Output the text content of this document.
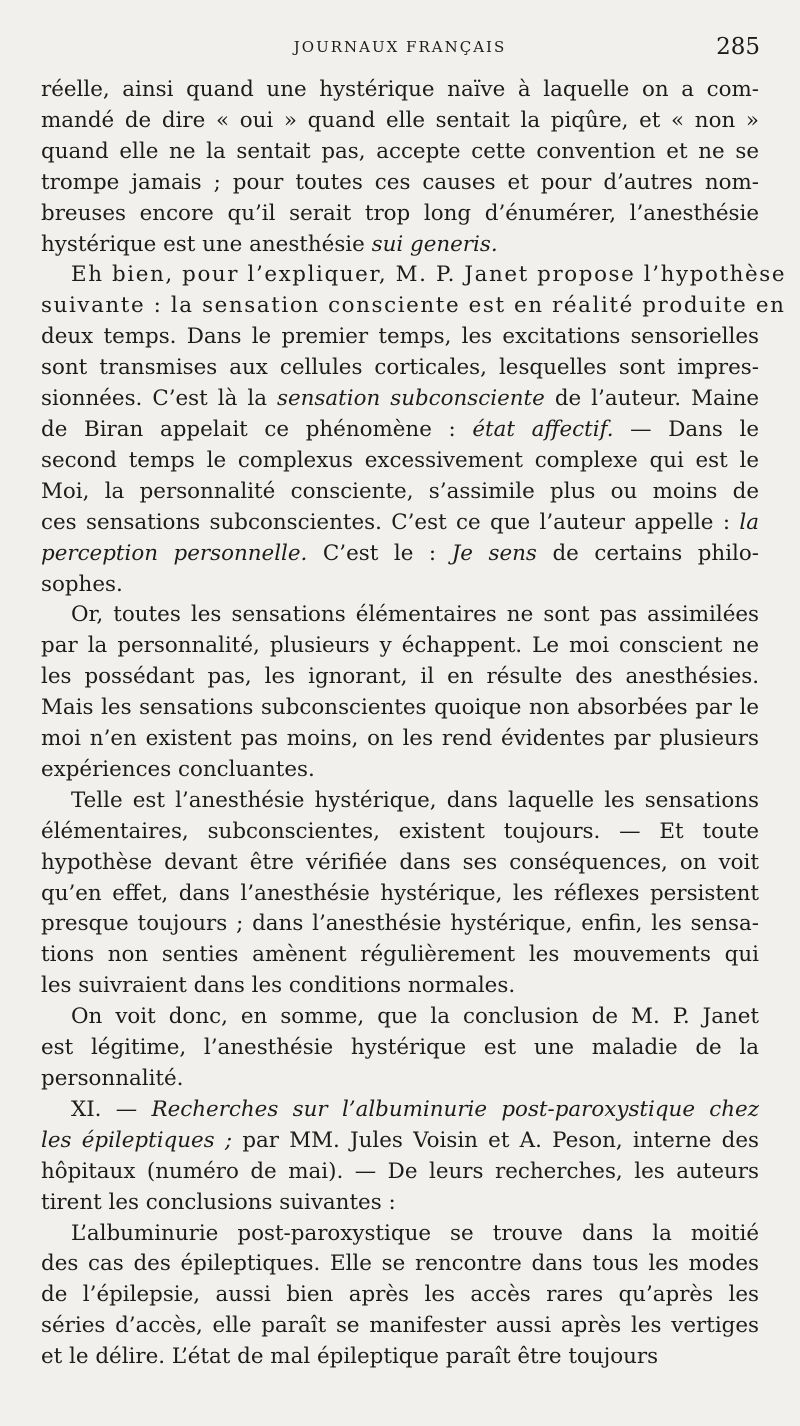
JOURNAUX FRANÇAIS	285
réelle, ainsi quand une hystérique naïve à laquelle on a com-
mandé de dire « oui » quand elle sentait la piqûre, et « non »
quand elle ne la sentait pas, accepte cette convention et ne se
trompe jamais ; pour toutes ces causes et pour d’autres nom-
breuses encore qu’il serait trop long d’énumérer, l’anesthésie
hystérique est une anesthésie sui generis.
Eh bien, pour l’expliquer, M. P. Janet propose l’hypothèse
suivante : la sensation consciente est en réalité produite en
deux temps. Dans le premier temps, les excitations sensorielles
sont transmises aux cellules corticales, lesquelles sont impres-
sionnées. C’est là la sensation subconsciente de l’auteur. Maine
de Biran appelait ce phénomène : état affectif. — Dans le
second temps le complexus excessivement complexe qui est le
Moi, la personnalité consciente, s’assimile plus ou moins de
ces sensations subconscientes. C’est ce que l’auteur appelle : la
perception personnelle. C’est le : Je sens de certains philo-
sophes.
Or, toutes les sensations élémentaires ne sont pas assimilées
par la personnalité, plusieurs y échappent. Le moi conscient ne
les possédant pas, les ignorant, il en résulte des anesthésies.
Mais les sensations subconscientes quoique non absorbées par le
moi n’en existent pas moins, on les rend évidentes par plusieurs
expériences concluantes.
Telle est l’anesthésie hystérique, dans laquelle les sensations
élémentaires, subconscientes, existent toujours. — Et toute
hypothèse devant être vérifiée dans ses conséquences, on voit
qu’en effet, dans l’anesthésie hystérique, les réflexes persistent
presque toujours ; dans l’anesthésie hystérique, enfin, les sensa-
tions non senties amènent régulièrement les mouvements qui
les suivraient dans les conditions normales.
On voit donc, en somme, que la conclusion de M. P. Janet
est légitime, l’anesthésie hystérique est une maladie de la
personnalité.
XI. — Recherches sur l’albuminurie post-paroxystique chez
les épileptiques ; par MM. Jules Voisin et A. Peson, interne des
hôpitaux (numéro de mai). — De leurs recherches, les auteurs
tirent les conclusions suivantes :
L’albuminurie post-paroxystique se trouve dans la moitié
des cas des épileptiques. Elle se rencontre dans tous les modes
de l’épilepsie, aussi bien après les accès rares qu’après les
séries d’accès, elle paraît se manifester aussi après les vertiges
et le délire. L’état de mal épileptique paraît être toujours
